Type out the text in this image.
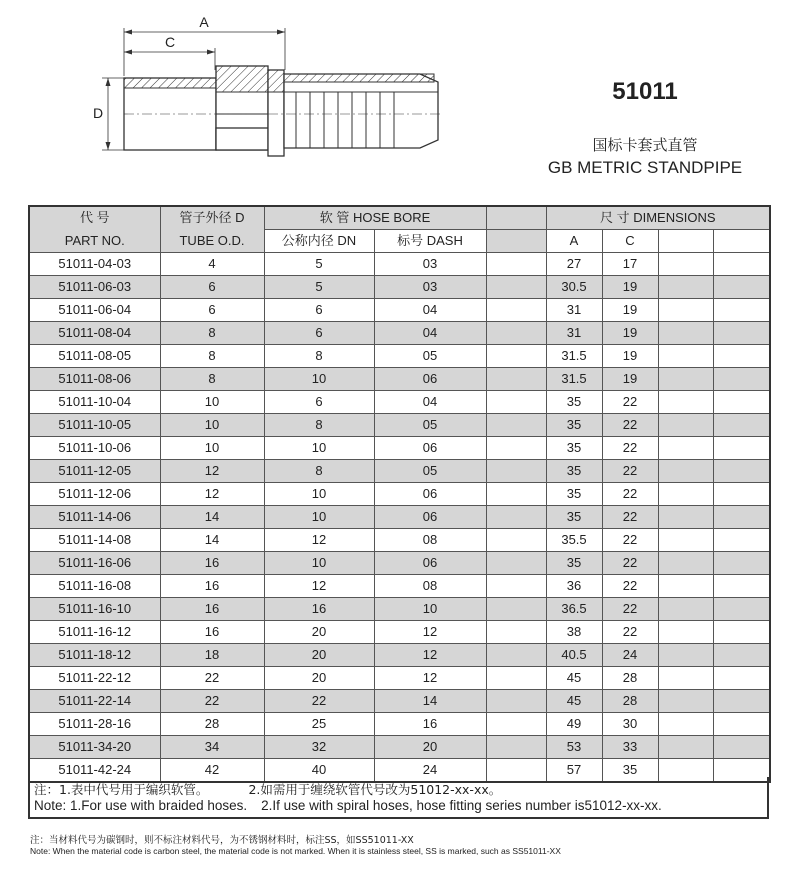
A
C
D
51011
国标卡套式直管
GB METRIC STANDPIPE
代 号	管子外径 D	软 管 HOSE BORE			尺 寸 DIMENSIONS			
PART NO.	TUBE O.D.	公称内径 DN	标号 DASH		A	C		
51011-04-03	4	5	03		27	17		
51011-06-03	6	5	03		30.5	19		
51011-06-04	6	6	04		31	19		
51011-08-04	8	6	04		31	19		
51011-08-05	8	8	05		31.5	19		
51011-08-06	8	10	06		31.5	19		
51011-10-04	10	6	04		35	22		
51011-10-05	10	8	05		35	22		
51011-10-06	10	10	06		35	22		
51011-12-05	12	8	05		35	22		
51011-12-06	12	10	06		35	22		
51011-14-06	14	10	06		35	22		
51011-14-08	14	12	08		35.5	22		
51011-16-06	16	10	06		35	22		
51011-16-08	16	12	08		36	22		
51011-16-10	16	16	10		36.5	22		
51011-16-12	16	20	12		38	22		
51011-18-12	18	20	12		40.5	24		
51011-22-12	22	20	12		45	28		
51011-22-14	22	22	14		45	28		
51011-28-16	28	25	16		49	30		
51011-34-20	34	32	20		53	33		
51011-42-24	42	40	24		57	35		
注：1.表中代号用于编织软管。	2.如需用于缠绕软管代号改为51012-xx-xx。
Note: 1.For use with braided hoses. 2.If use with spiral hoses, hose fitting series number is51012-xx-xx.
注：当材料代号为碳钢时，则不标注材料代号，为不锈钢材料时，标注SS，如SS51011-XX
Note: When the material code is carbon steel, the material code is not marked. When it is stainless steel, SS is marked, such as SS51011-XX
